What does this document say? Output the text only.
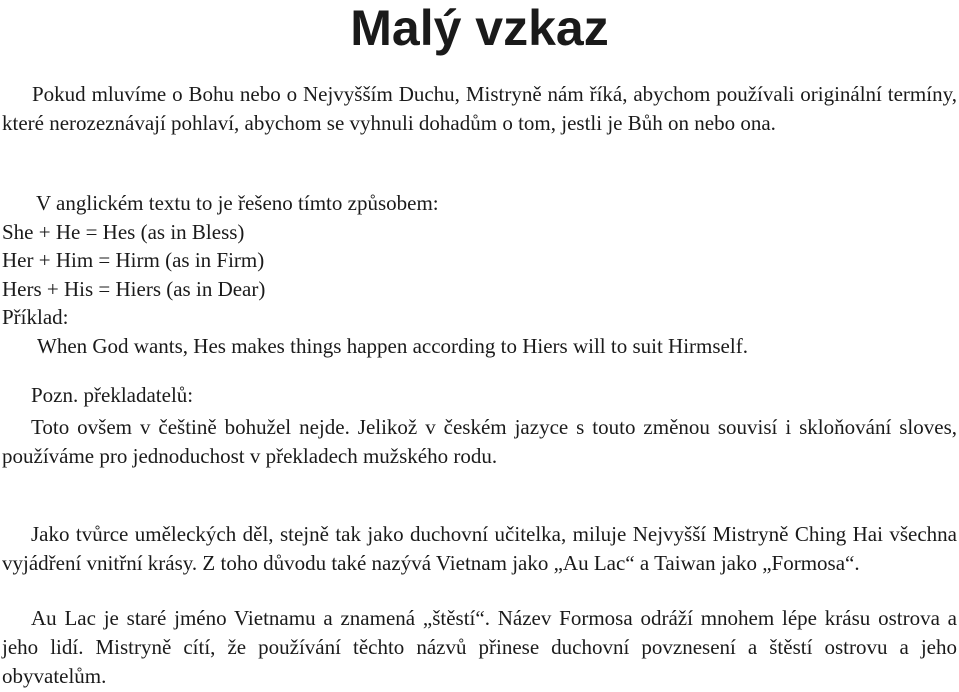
Malý vzkaz

Pokud mluvíme o Bohu nebo o Nejvyšším Duchu, Mistryně nám říká, abychom používali originální termíny, které nerozeznávají pohlaví, abychom se vyhnuli dohadům o tom, jestli je Bůh on nebo ona.

V anglickém textu to je řešeno tímto způsobem:

She + He = Hes (as in Bless)

Her + Him = Hirm (as in Firm)

Hers + His = Hiers (as in Dear)

Příklad:

When God wants, Hes makes things happen according to Hiers will to suit Hirmself.

Pozn. překladatelů:

Toto ovšem v češtině bohužel nejde. Jelikož v českém jazyce s touto změnou souvisí i skloňování sloves, používáme pro jednoduchost v překladech mužského rodu.

Jako tvůrce uměleckých děl, stejně tak jako duchovní učitelka, miluje Nejvyšší Mistryně Ching Hai všechna vyjádření vnitřní krásy. Z toho důvodu také nazývá Vietnam jako „Au Lac“ a Taiwan jako „Formosa“.

Au Lac je staré jméno Vietnamu a znamená „štěstí“. Název Formosa odráží mnohem lépe krásu ostrova a jeho lidí. Mistryně cítí, že používání těchto názvů přinese duchovní povznesení a štěstí ostrovu a jeho obyvatelům.
